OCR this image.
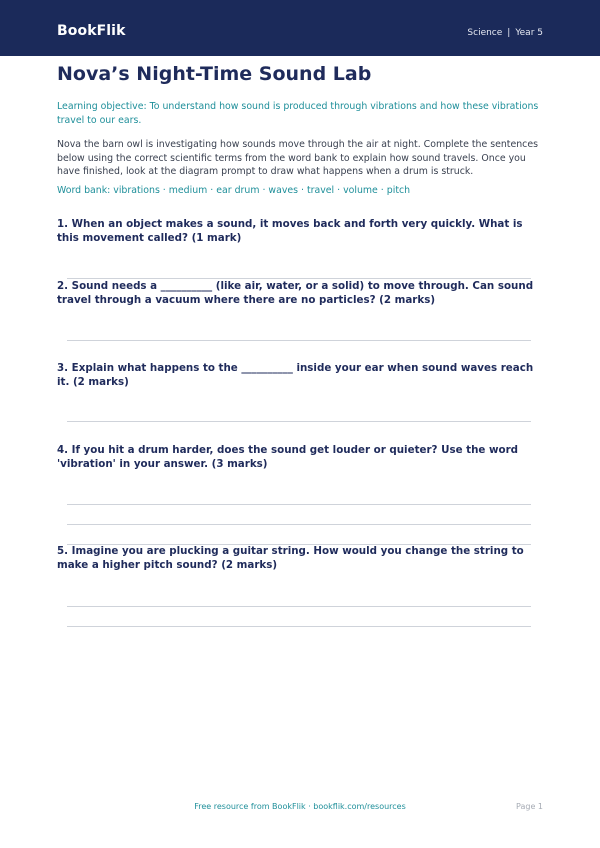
BookFlik	Science | Year 5
Nova’s Night-Time Sound Lab
Learning objective: To understand how sound is produced through vibrations and how these vibrations travel to our ears.
Nova the barn owl is investigating how sounds move through the air at night. Complete the sentences below using the correct scientific terms from the word bank to explain how sound travels. Once you have finished, look at the diagram prompt to draw what happens when a drum is struck.
Word bank: vibrations · medium · ear drum · waves · travel · volume · pitch
1. When an object makes a sound, it moves back and forth very quickly. What is this movement called? (1 mark)
2. Sound needs a __________ (like air, water, or a solid) to move through. Can sound travel through a vacuum where there are no particles? (2 marks)
3. Explain what happens to the __________ inside your ear when sound waves reach it. (2 marks)
4. If you hit a drum harder, does the sound get louder or quieter? Use the word 'vibration' in your answer. (3 marks)
5. Imagine you are plucking a guitar string. How would you change the string to make a higher pitch sound? (2 marks)
Free resource from BookFlik · bookflik.com/resources	Page 1
